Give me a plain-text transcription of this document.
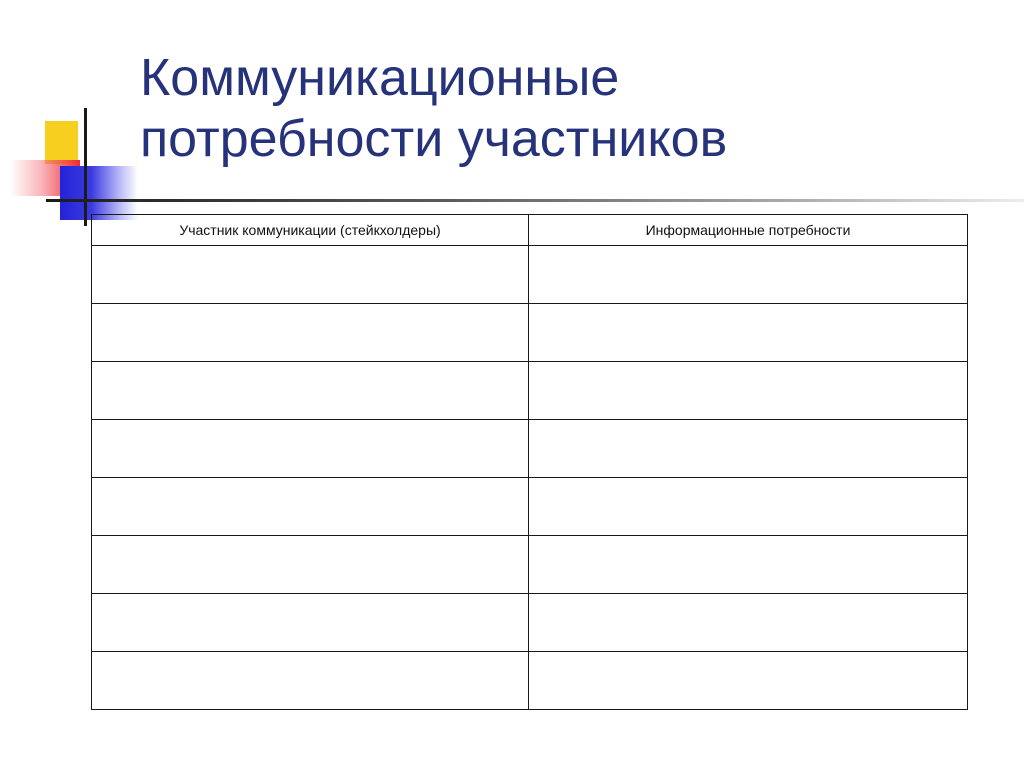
Коммуникационные
потребности участников
Участник коммуникации (стейкхолдеры)	Информационные потребности
